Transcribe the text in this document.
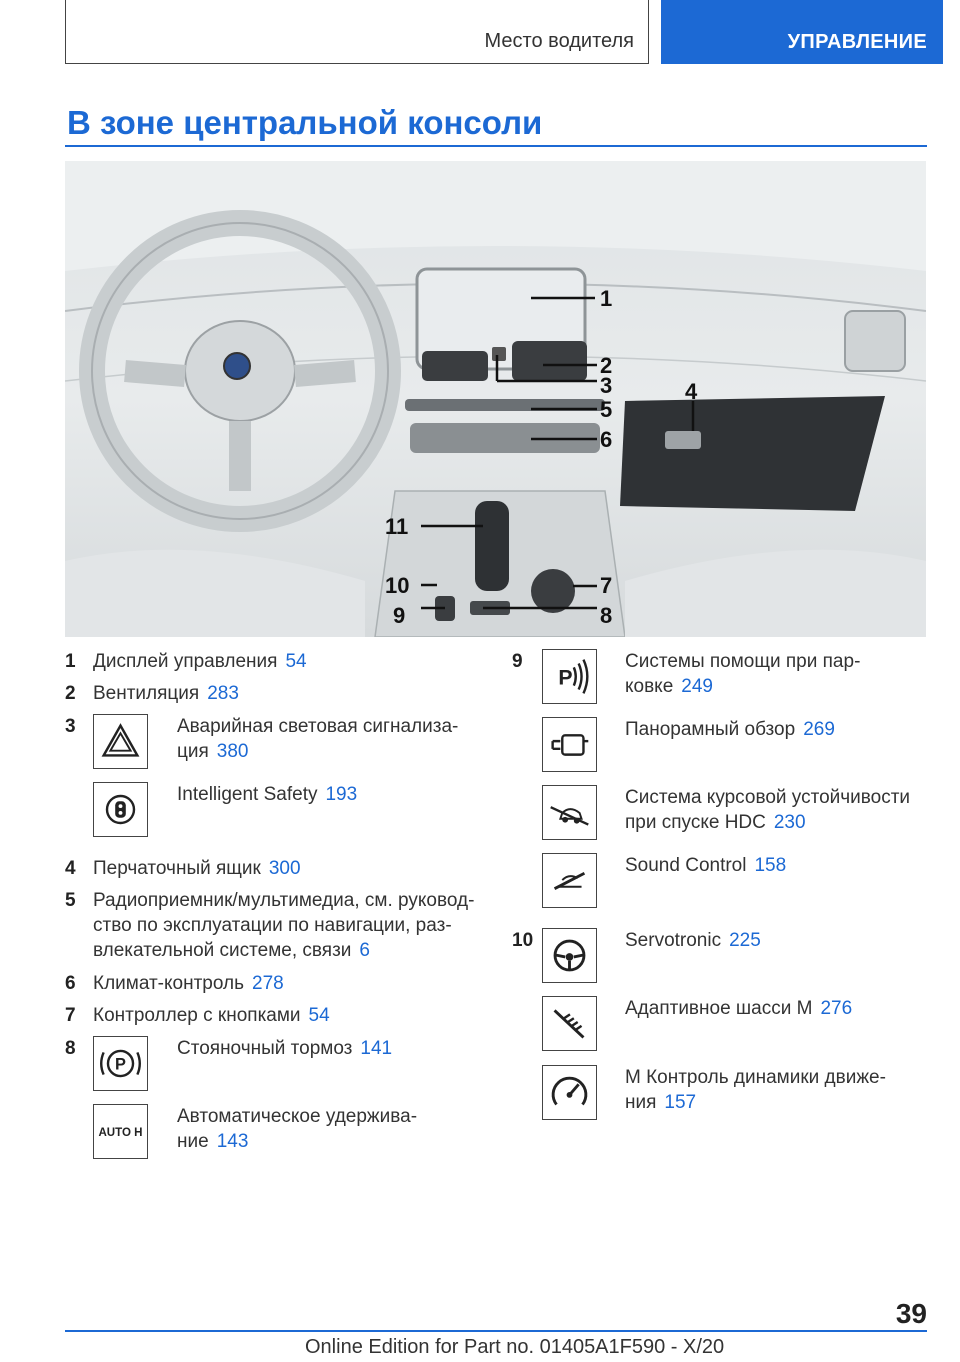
Место водителя	УПРАВЛЕНИЕ
В зоне центральной консоли
1
2
3	4
5
6
7
8
9
10
11
1 Дисплей управления 54
2 Вентиляция 283
3	Аварийная световая сигнализа-
ция 380
Intelligent Safety 193
4 Перчаточный ящик 300
5 Радиоприемник/мультимедиа, см. руковод-
ство по эксплуатации по навигации, раз-
влекательной системе, связи 6
6 Климат-контроль 278
7 Контроллер с кнопками 54
8
P
Стояночный тормоз 141
AUTO H
Автоматическое удержива-
ние 143
9
P
Системы помощи при пар-
ковке 249
Панорамный обзор 269
Система курсовой устойчивости
при спуске HDC 230
Sound Control 158
10	Servotronic 225
Адаптивное шасси M 276
M Контроль динамики движе-
ния 157
39
Online Edition for Part no. 01405A1F590 - X/20
